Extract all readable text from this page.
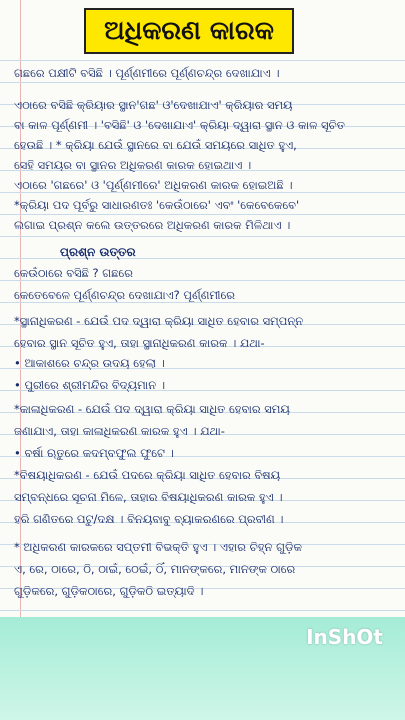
ଅଧିକରଣ କାରକ
ଗଛରେ ପକ୍ଷୀଟି ବସିଛି । ପୂର୍ଣ୍ଣମୀରେ ପୂର୍ଣ୍ଣଚନ୍ଦ୍ର ଦେଖାଯାଏ ।
ଏଠାରେ ବସିଛି କ୍ରିୟାର ସ୍ଥାନ'ଗଛ' ଓ'ଦେଖାଯାଏ' କ୍ରିୟାର ସମୟ
ବା କାଳ ପୂର୍ଣ୍ଣମୀ । 'ବସିଛି' ଓ 'ଦେଖାଯାଏ' କ୍ରିୟା ଦ୍ୱାରା ସ୍ଥାନ ଓ କାଳ ସୂଚିତ
ହେଉଛି । * କ୍ରିୟା ଯେଉଁ ସ୍ଥାନରେ ବା ଯେଉଁ ସମୟରେ ସାଧିତ ହୁଏ,
ସେହି ସମୟର ବା ସ୍ଥାନର ଅଧିକରଣ କାରକ ହୋଇଥାଏ ।
ଏଠାରେ 'ଗଛରେ' ଓ 'ପୂର୍ଣ୍ଣମୀରେ' ଅଧିକରଣ କାରକ ହୋଇଅଛି ।
*କ୍ରିୟା ପଦ ପୂର୍ବରୁ ସାଧାରଣତଃ 'କେଉଁଠାରେ' ଏବଂ 'କେବେକେବେ'
ଲଗାଇ ପ୍ରଶ୍ନ କଲେ ଉତ୍ତରରେ ଅଧିକରଣ କାରକ ମିଳିଥାଏ ।
ପ୍ରଶ୍ନ ଉତ୍ତର
କେଉଁଠାରେ ବସିଛି ? ଗଛରେ
କେତେବେଳେ ପୂର୍ଣ୍ଣଚନ୍ଦ୍ର ଦେଖାଯାଏ? ପୂର୍ଣ୍ଣମୀରେ
*ସ୍ଥାନାଧିକରଣ - ଯେଉଁ ପଦ ଦ୍ୱାରା କ୍ରିୟା ସାଧିତ ହେବାର ସମ୍ପନ୍ନ
ହେବାର ସ୍ଥାନ ସୂଚିତ ହୁଏ, ତାହା ସ୍ଥାନାଧିକରଣ କାରକ । ଯଥା-
• ଆକାଶରେ ଚନ୍ଦ୍ର ଉଦୟ ହେଲା ।
• ପୁରୀରେ ଶ୍ରୀମନ୍ଦିର ବିଦ୍ୟମାନ ।
*କାଳାଧିକରଣ - ଯେଉଁ ପଦ ଦ୍ୱାରା କ୍ରିୟା ସାଧିତ ହେବାର ସମୟ
ଜଣାଯାଏ, ତାହା କାଳାଧିକରଣ କାରକ ହୁଏ । ଯଥା-
• ବର୍ଷା ଋତୁରେ କଦମ୍ବଫୁଲ ଫୁଟେ ।
*ବିଷୟାଧିକରଣ - ଯେଉଁ ପଦରେ କ୍ରିୟା ସାଧିତ ହେବାର ବିଷୟ
ସମ୍ବନ୍ଧରେ ସୂଚନା ମିଳେ, ତାହାର ବିଷୟାଧିକରଣ କାରକ ହୁଏ ।
ହରି ଗଣିତରେ ପଟୁ/ଦକ୍ଷ । ବିନୟବାବୁ ବ୍ୟାକରଣରେ ପ୍ରବୀଣ ।
* ଅଧିକରଣ କାରକରେ ସପ୍ତମୀ ବିଭକ୍ତି ହୁଏ । ଏହାର ଚିହ୍ନ ଗୁଡ଼ିକ
ଏ, ରେ, ଠାରେ, ଠି, ଠାଇଁ, ଠେଇଁ, ଠିଁ, ମାନଙ୍କରେ, ମାନଙ୍କ ଠାରେ
ଗୁଡ଼ିକରେ, ଗୁଡ଼ିକଠାରେ, ଗୁଡ଼ିକଠି ଇତ୍ୟାଦି ।
InShOt
